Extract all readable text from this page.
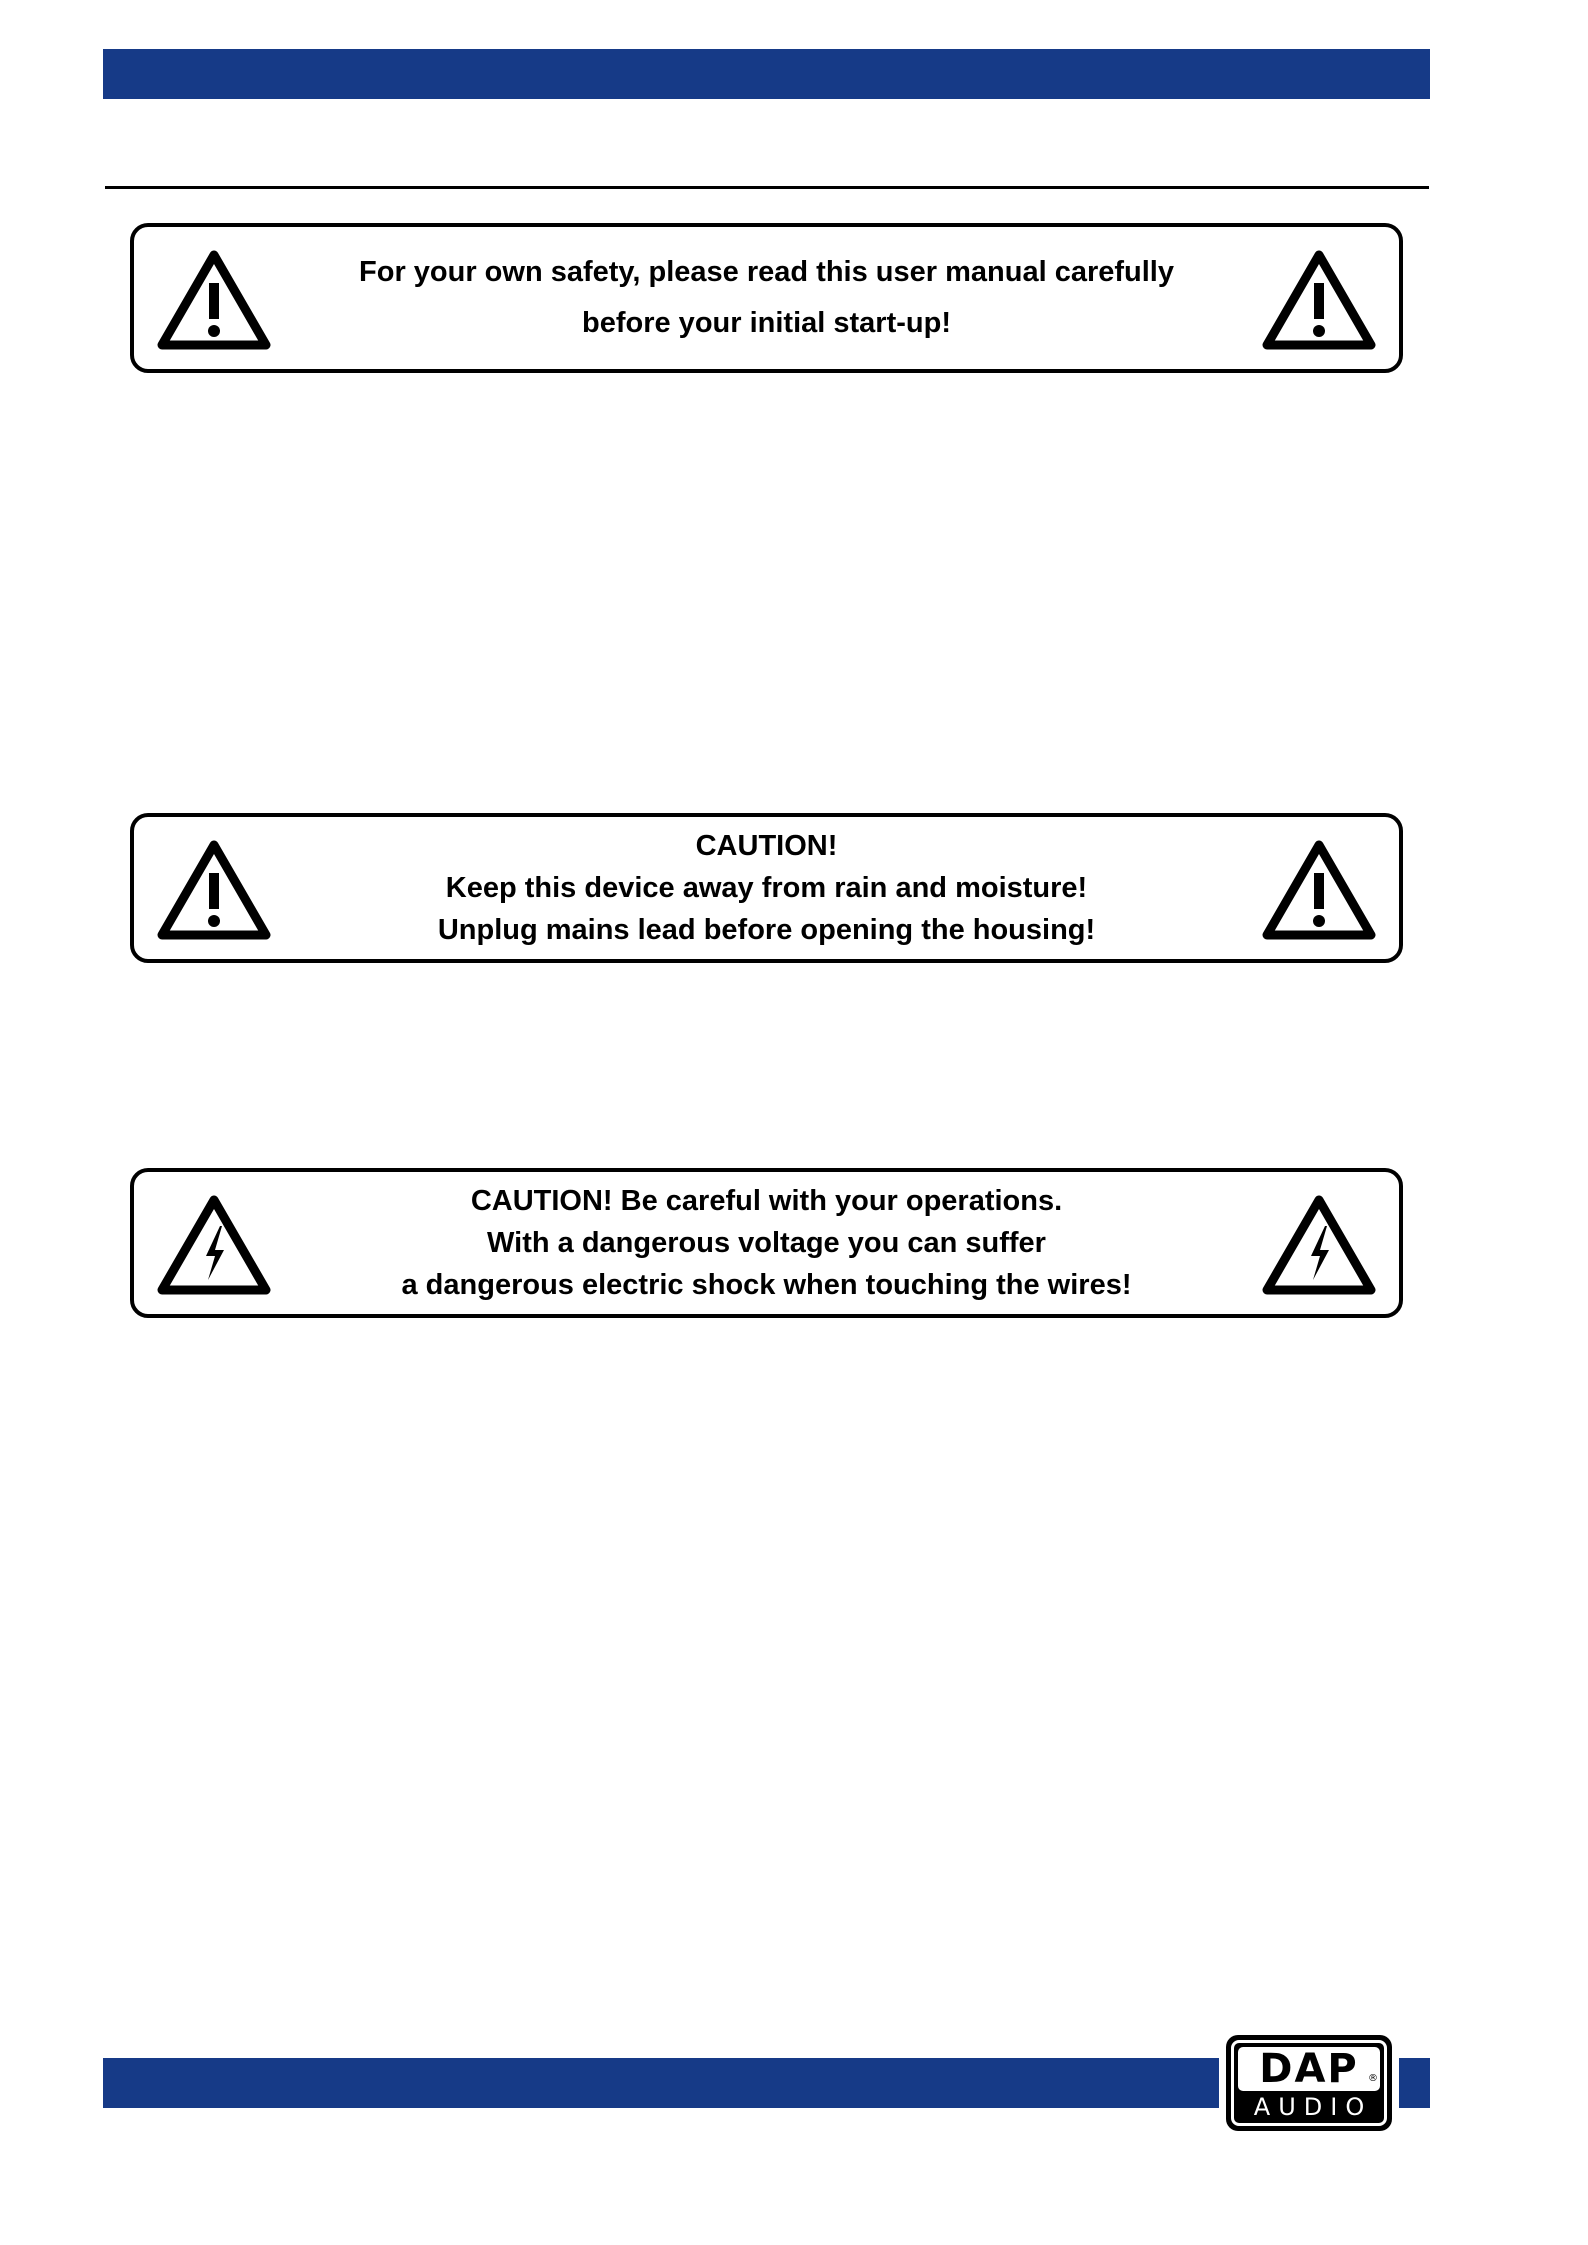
For your own safety, please read this user manual carefully
before your initial start-up!
CAUTION!
Keep this device away from rain and moisture!
Unplug mains lead before opening the housing!
CAUTION! Be careful with your operations.
With a dangerous voltage you can suffer
a dangerous electric shock when touching the wires!
DAP ®
AUDIO
